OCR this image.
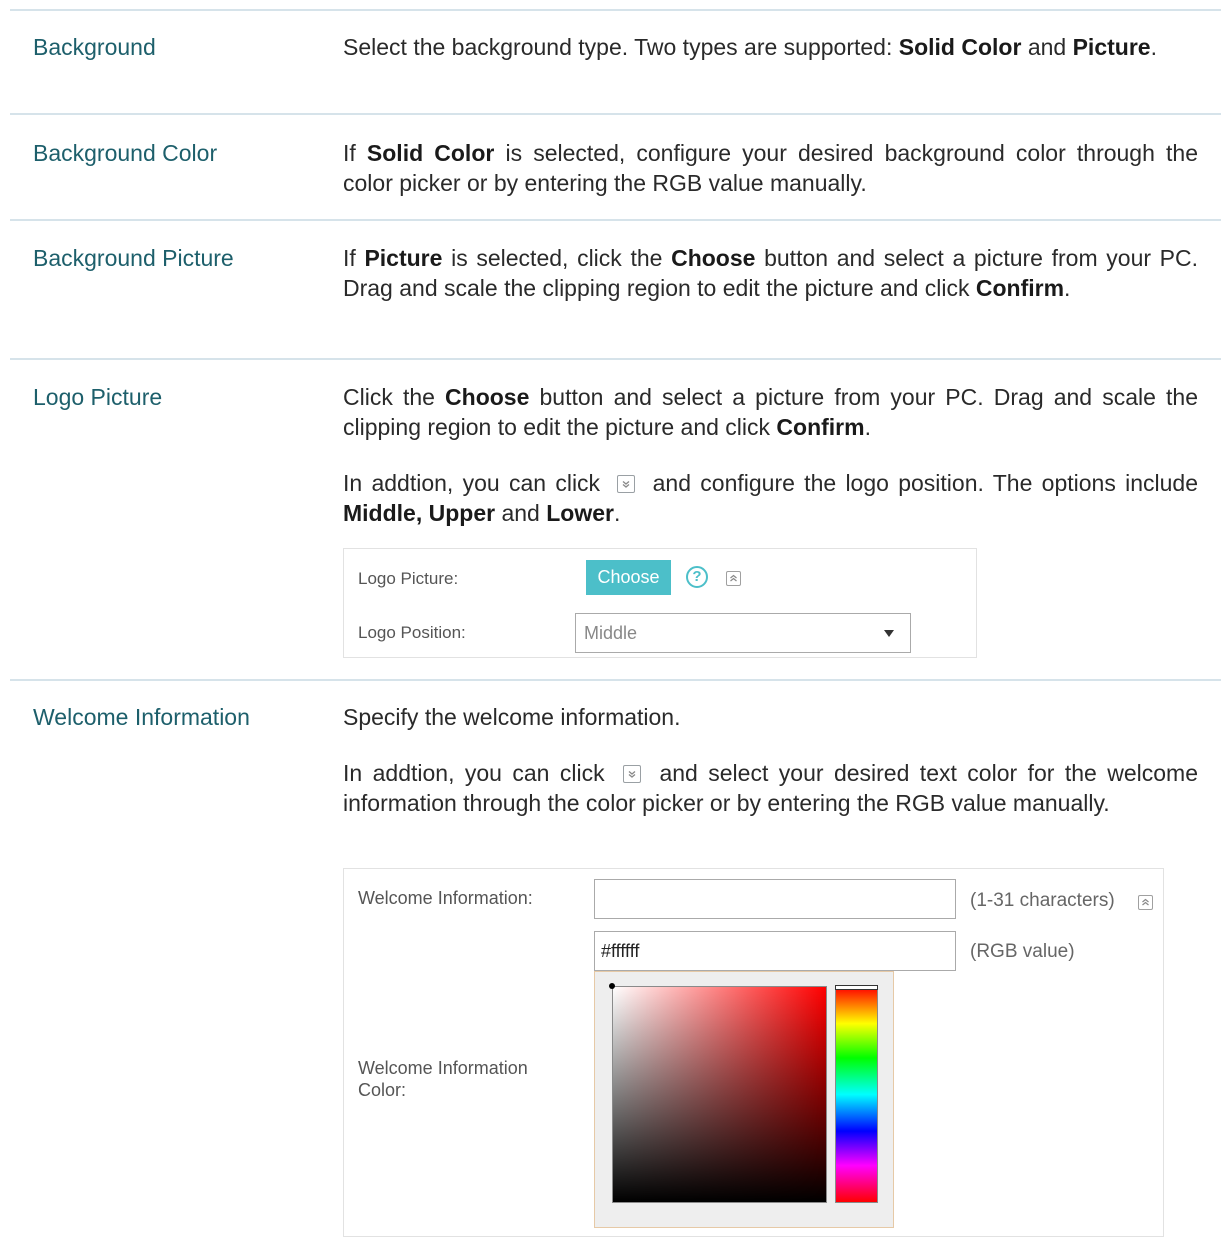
Background	Select the background type. Two types are supported: Solid Color and Picture.

Background Color	If Solid Color is selected, configure your desired background color through the color picker or by entering the RGB value manually.

Background Picture	If Picture is selected, click the Choose button and select a picture from your PC. Drag and scale the clipping region to edit the picture and click Confirm.

Logo Picture	Click the Choose button and select a picture from your PC. Drag and scale the clipping region to edit the picture and click Confirm.

In addtion, you can click
and configure the logo position. The options include Middle, Upper and Lower.

Logo Picture:	Choose	?
Logo Position:	Middle
Welcome Information	Specify the welcome information.

In addtion, you can click
and select your desired text color for the welcome information through the color picker or by entering the RGB value manually.

Welcome Information:	(1-31 characters)
#ffffff	(RGB value)
Welcome Information
Color:
